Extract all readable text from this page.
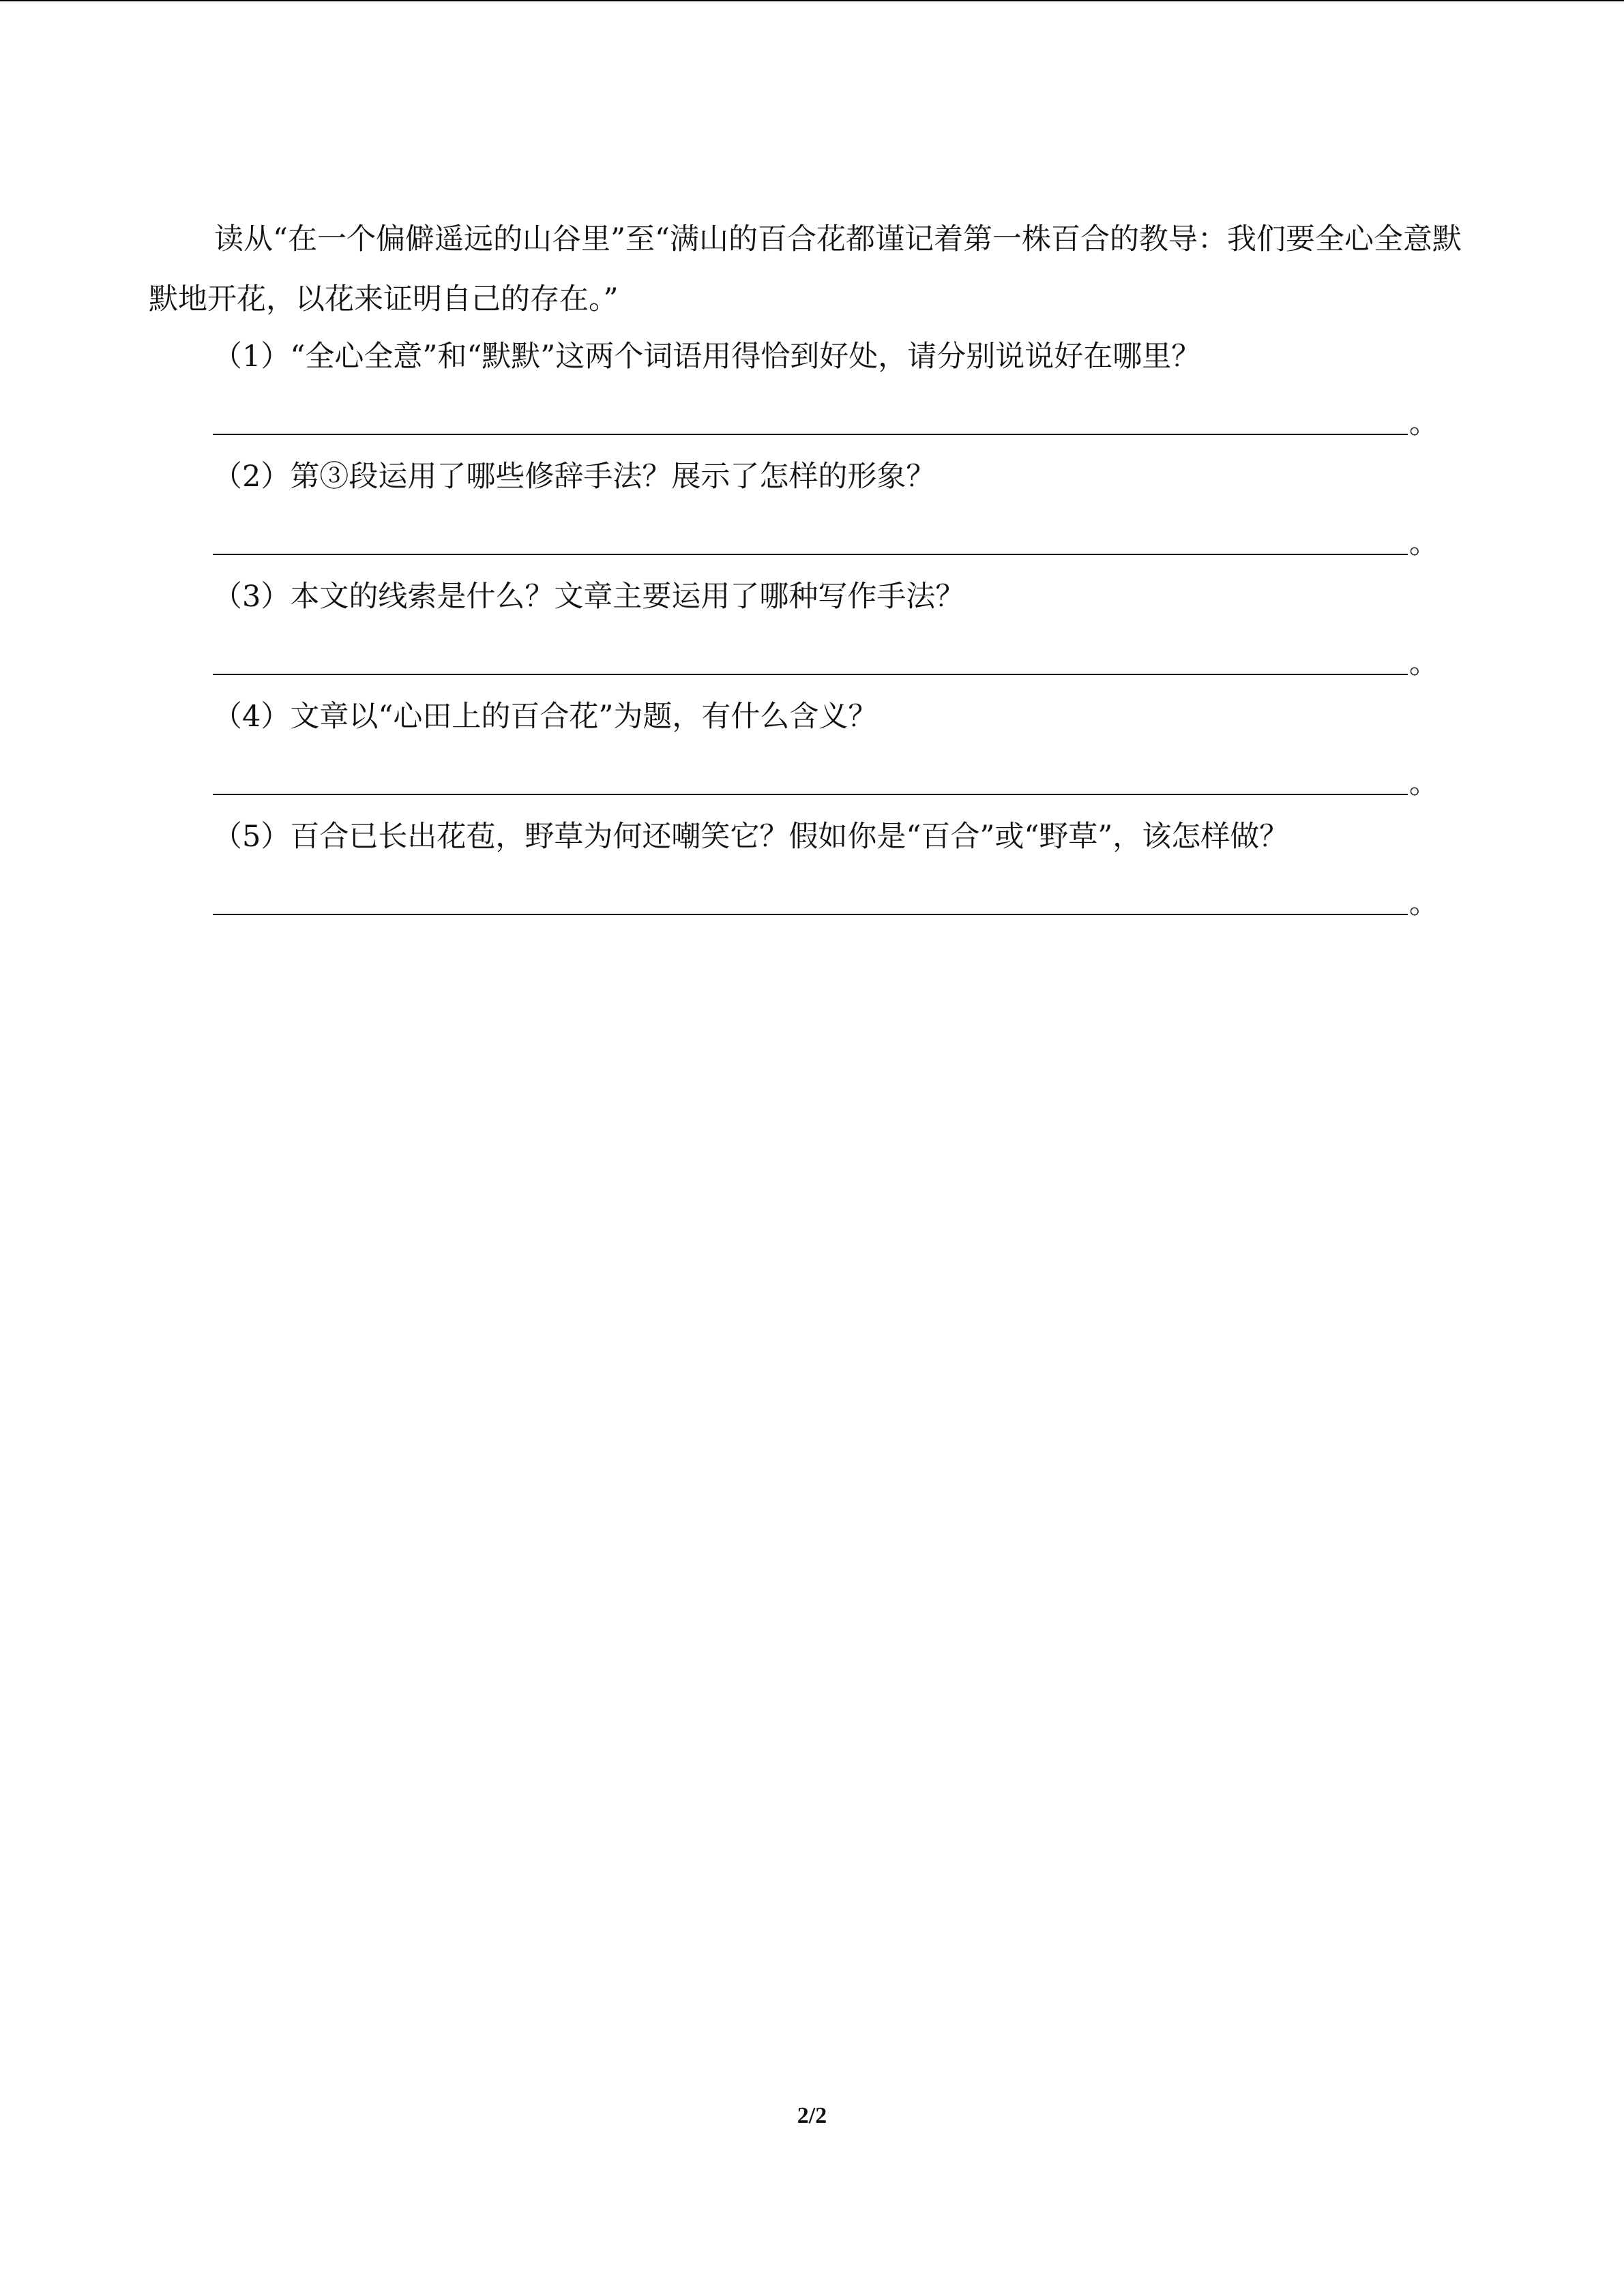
读从“在一个偏僻遥远的山谷里”至“满山的百合花都谨记着第一株百合的教导：我们要全心全意默默地开花，以花来证明自己的存在。”

（1）“全心全意”和“默默”这两个词语用得恰到好处，请分别说说好在哪里？

。

（2）第③段运用了哪些修辞手法？展示了怎样的形象？

。

（3）本文的线索是什么？文章主要运用了哪种写作手法？

。

（4）文章以“心田上的百合花”为题，有什么含义？

。

（5）百合已长出花苞，野草为何还嘲笑它？假如你是“百合”或“野草”，该怎样做？

。
2/2
